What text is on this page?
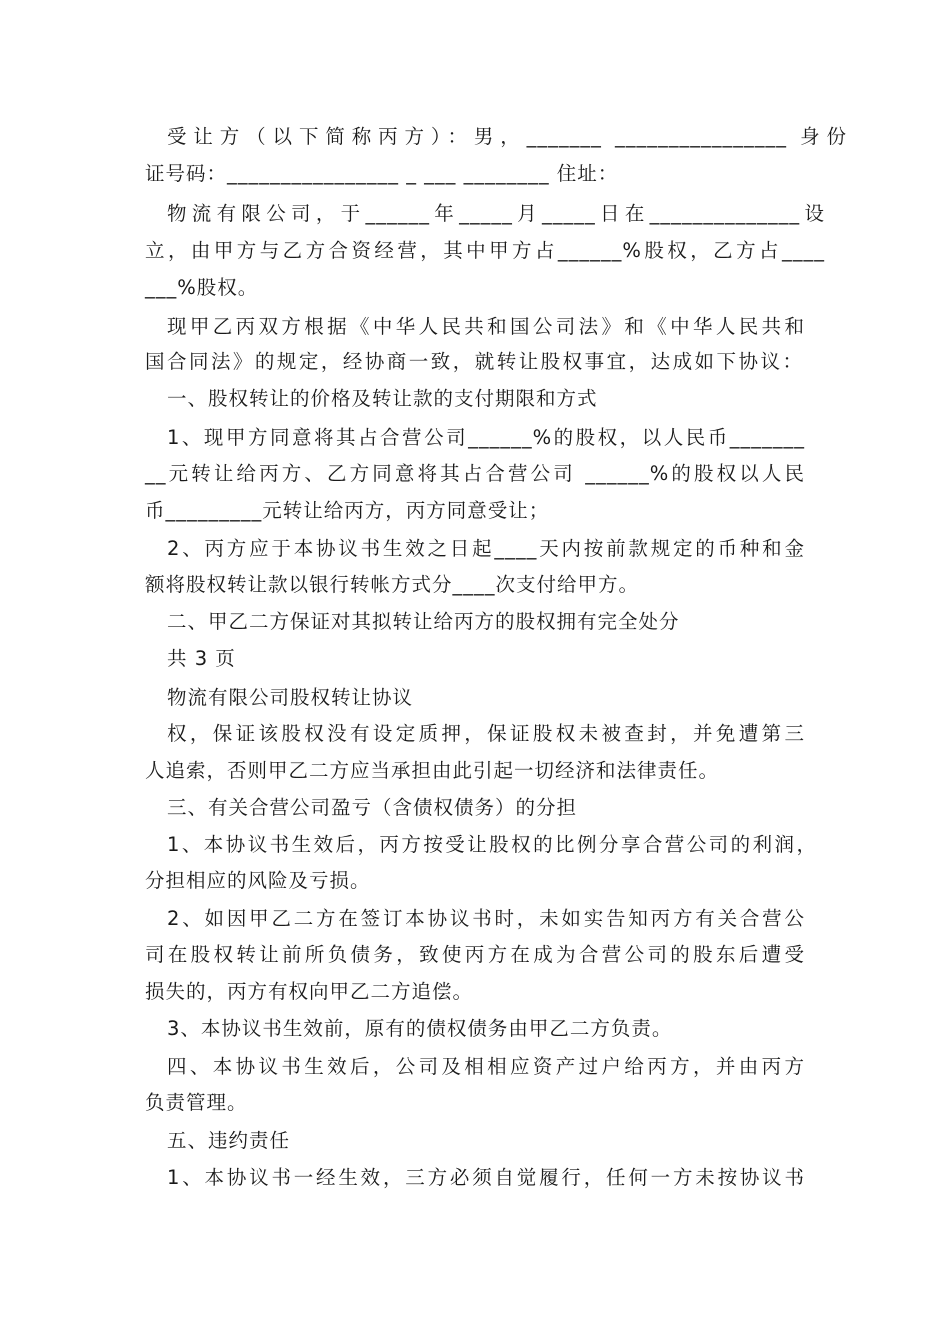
受让方（以下简称丙方）：男，_______ ________________ 身份
证号码：________________ _ ___ ________ 住址：
物流有限公司，于______年_____月_____日在______________设
立，由甲方与乙方合资经营，其中甲方占______%股权，乙方占____
___%股权。
现甲乙丙双方根据《中华人民共和国公司法》和《中华人民共和
国合同法》的规定，经协商一致，就转让股权事宜，达成如下协议：
一、股权转让的价格及转让款的支付期限和方式
1、现甲方同意将其占合营公司______%的股权，以人民币_______
__元转让给丙方、乙方同意将其占合营公司 ______%的股权以人民
币_________元转让给丙方，丙方同意受让；
2、丙方应于本协议书生效之日起____天内按前款规定的币种和金
额将股权转让款以银行转帐方式分____次支付给甲方。
二、甲乙二方保证对其拟转让给丙方的股权拥有完全处分
共 3 页
物流有限公司股权转让协议
权，保证该股权没有设定质押，保证股权未被查封，并免遭第三
人追索，否则甲乙二方应当承担由此引起一切经济和法律责任。
三、有关合营公司盈亏（含债权债务）的分担
1、本协议书生效后，丙方按受让股权的比例分享合营公司的利润，
分担相应的风险及亏损。
2、如因甲乙二方在签订本协议书时，未如实告知丙方有关合营公
司在股权转让前所负债务，致使丙方在成为合营公司的股东后遭受
损失的，丙方有权向甲乙二方追偿。
3、本协议书生效前，原有的债权债务由甲乙二方负责。
四、本协议书生效后，公司及相相应资产过户给丙方，并由丙方
负责管理。
五、违约责任
1、本协议书一经生效，三方必须自觉履行，任何一方未按协议书
